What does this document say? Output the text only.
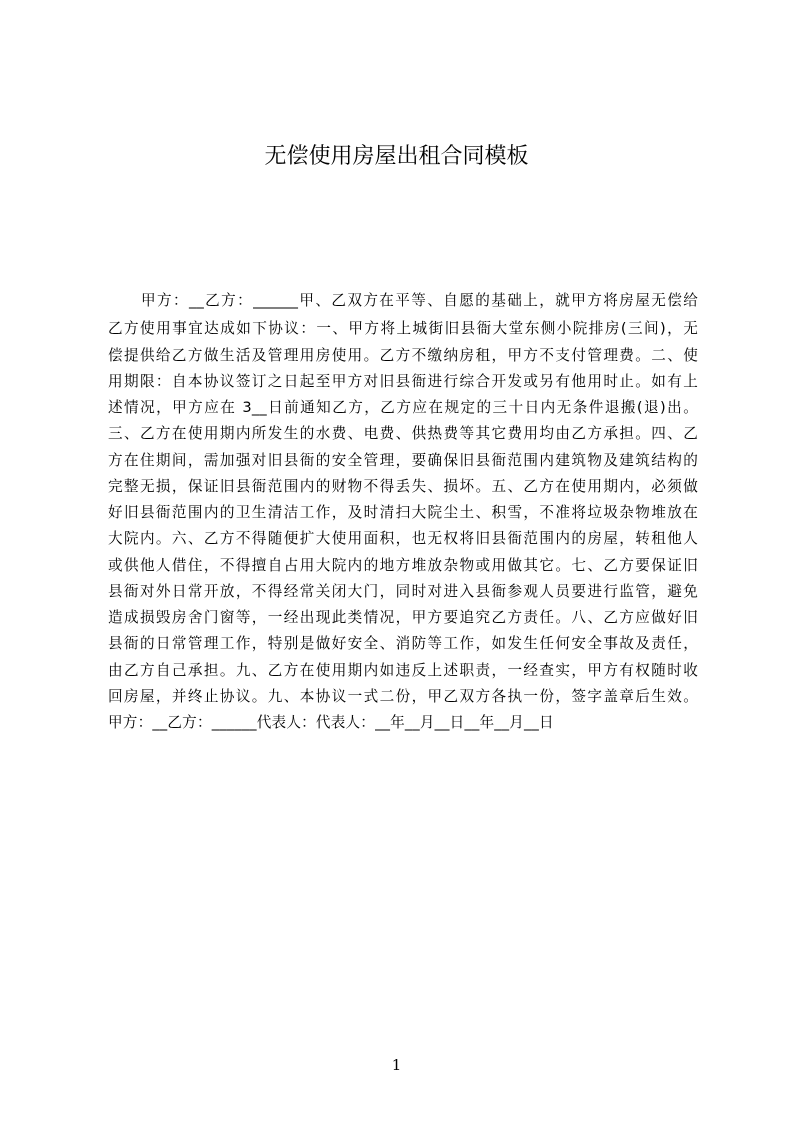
无偿使用房屋出租合同模板
甲方：__乙方：______甲、乙双方在平等、自愿的基础上，就甲方将房屋无偿给
乙方使用事宜达成如下协议：一、甲方将上城街旧县衙大堂东侧小院排房(三间)，无
偿提供给乙方做生活及管理用房使用。乙方不缴纳房租，甲方不支付管理费。二、使
用期限：自本协议签订之日起至甲方对旧县衙进行综合开发或另有他用时止。如有上
述情况，甲方应在 3__日前通知乙方，乙方应在规定的三十日内无条件退搬(退)出。
三、乙方在使用期内所发生的水费、电费、供热费等其它费用均由乙方承担。四、乙
方在住期间，需加强对旧县衙的安全管理，要确保旧县衙范围内建筑物及建筑结构的
完整无损，保证旧县衙范围内的财物不得丢失、损坏。五、乙方在使用期内，必须做
好旧县衙范围内的卫生清洁工作，及时清扫大院尘土、积雪，不准将垃圾杂物堆放在
大院内。六、乙方不得随便扩大使用面积，也无权将旧县衙范围内的房屋，转租他人
或供他人借住，不得擅自占用大院内的地方堆放杂物或用做其它。七、乙方要保证旧
县衙对外日常开放，不得经常关闭大门，同时对进入县衙参观人员要进行监管，避免
造成损毁房舍门窗等，一经出现此类情况，甲方要追究乙方责任。八、乙方应做好旧
县衙的日常管理工作，特别是做好安全、消防等工作，如发生任何安全事故及责任，
由乙方自己承担。九、乙方在使用期内如违反上述职责，一经查实，甲方有权随时收
回房屋，并终止协议。九、本协议一式二份，甲乙双方各执一份，签字盖章后生效。
甲方：__乙方：______代表人：代表人：__年__月__日__年__月__日
1
